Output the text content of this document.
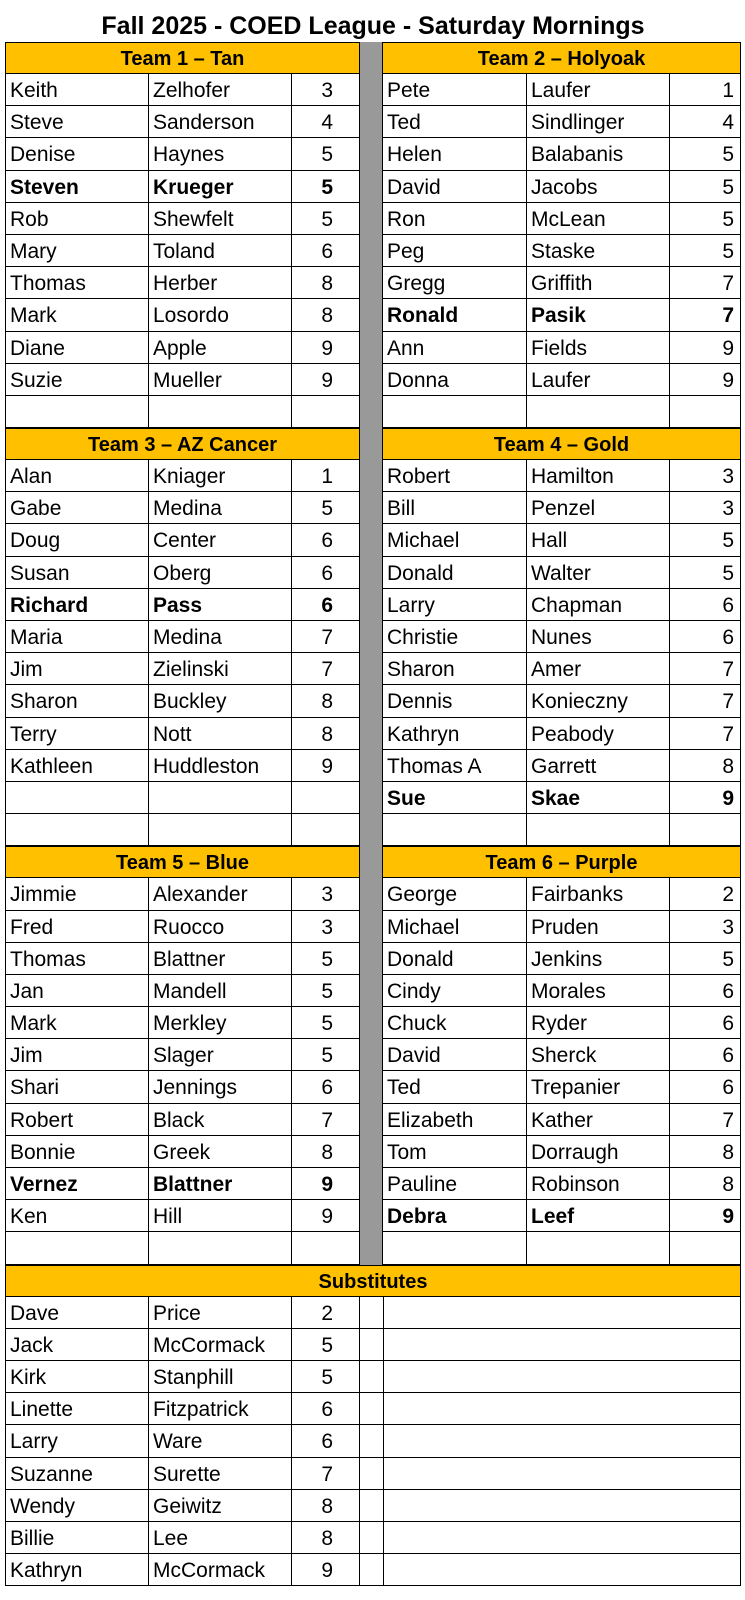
Fall 2025 - COED League - Saturday Mornings
Team 1 – Tan
Keith	Zelhofer	3
Steve	Sanderson	4
Denise	Haynes	5
Steven	Krueger	5
Rob	Shewfelt	5
Mary	Toland	6
Thomas	Herber	8
Mark	Losordo	8
Diane	Apple	9
Suzie	Mueller	9
Team 2 – Holyoak
Pete	Laufer	1
Ted	Sindlinger	4
Helen	Balabanis	5
David	Jacobs	5
Ron	McLean	5
Peg	Staske	5
Gregg	Griffith	7
Ronald	Pasik	7
Ann	Fields	9
Donna	Laufer	9
Team 3 – AZ Cancer
Alan	Kniager	1
Gabe	Medina	5
Doug	Center	6
Susan	Oberg	6
Richard	Pass	6
Maria	Medina	7
Jim	Zielinski	7
Sharon	Buckley	8
Terry	Nott	8
Kathleen	Huddleston	9
Team 4 – Gold
Robert	Hamilton	3
Bill	Penzel	3
Michael	Hall	5
Donald	Walter	5
Larry	Chapman	6
Christie	Nunes	6
Sharon	Amer	7
Dennis	Konieczny	7
Kathryn	Peabody	7
Thomas A	Garrett	8
Sue	Skae	9
Team 5 – Blue
Jimmie	Alexander	3
Fred	Ruocco	3
Thomas	Blattner	5
Jan	Mandell	5
Mark	Merkley	5
Jim	Slager	5
Shari	Jennings	6
Robert	Black	7
Bonnie	Greek	8
Vernez	Blattner	9
Ken	Hill	9
Team 6 – Purple
George	Fairbanks	2
Michael	Pruden	3
Donald	Jenkins	5
Cindy	Morales	6
Chuck	Ryder	6
David	Sherck	6
Ted	Trepanier	6
Elizabeth	Kather	7
Tom	Dorraugh	8
Pauline	Robinson	8
Debra	Leef	9
Substitutes
Dave	Price	2
Jack	McCormack	5
Kirk	Stanphill	5
Linette	Fitzpatrick	6
Larry	Ware	6
Suzanne	Surette	7
Wendy	Geiwitz	8
Billie	Lee	8
Kathryn	McCormack	9
